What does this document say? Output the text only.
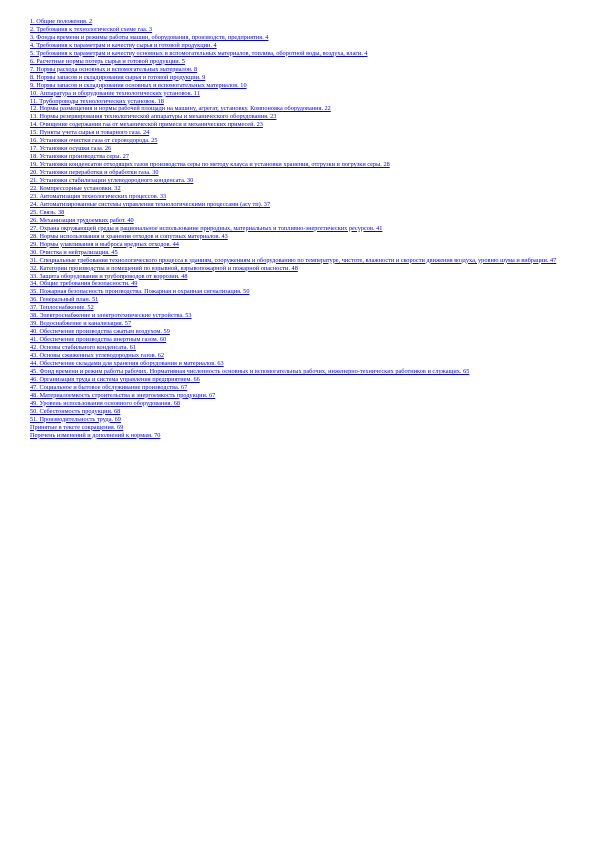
1. Общие положения. 2
2. Требования к технологической схеме гаа. 3
3. Фонды времени и режимы работы машин, оборудования, производств, предприятия. 4
4. Требования к параметрам и качеству сырья и готовой продукции. 4
5. Требования к параметрам и качеству основных и вспомогательных материалов, топлива, оборотной воды, воздуха, влаги. 4
6. Расчетные нормы потерь сырья и готовой продукции. 5
7. Нормы расхода основных и вспомогательных материалов. 8
8. Нормы запасов и складирования сырья и готовой продукции. 9
9. Нормы запасов и складирования основных и вспомогательных материалов. 10
10. Аппаратура и оборудование технологических установок. 11
11. Трубопроводы технологических установок. 18
12. Нормы размещения и нормы рабочей площади на машину, агрегат, установку. Компоновка оборудования. 22
13. Нормы резервирования технологической аппаратуры и механического оборудования. 23
14. Очищение содержания гаа от механической примеси и механических примесей. 23
15. Пункты учета сырья и товарного газа. 24
16. Установки очистки газа от сероводорода. 25
17. Установки осушки газа. 26
18. Установки производства серы. 27
19. Установки конденсатов отходящих газов производства серы по методу клауса и установки хранения, отгрузки и погрузки серы. 28
20. Установки переработки и обработки газа. 30
21. Установки стабилизации углеводородного конденсата. 30
22. Компрессорные установки. 32
23. Автоматизация технологических процессов. 33
24. Автоматизированные системы управления технологическими процессами (асу тп). 37
25. Связь. 38
26. Механизация трудоемких работ. 40
27. Охрана окружающей среды и рациональное использование природных, материальных и топливно-энергетических ресурсов. 41
28. Нормы использования и хранения отходов и сопутных материалов. 43
29. Нормы улавливания и выброса вредных отходов. 44
30. Очистка и нейтрализация. 45
31. Специальные требования технологического процесса к зданиям, сооружениям и оборудованию по температуре, чистоте, влажности и скорости движения воздуха, уровню шума и вибрации. 47
32. Категории производства и помещений по взрывной, взрывопожарной и пожарной опасности. 48
33. Защита оборудования и трубопроводов от коррозии. 48
34. Общие требования безопасности. 49
35. Пожарная безопасность производства. Пожарная и охранная сигнализация. 50
36. Генеральный план. 51
37. Теплоснабжение. 52
38. Электроснабжение и электротехнические устройства. 53
39. Водоснабжение и канализация. 57
40. Обеспечение производства сжатым воздухом. 59
41. Обеспечение производства инертным газом. 60
42. Основы стабильного конденсата. 61
43. Основы сжиженных углеводородных газов. 62
44. Обеспечение складами для хранения оборудования и материалов. 63
45. Фонд времени и режим работы рабочих. Нормативная численность основных и вспомогательных рабочих, инженерно-технических работников и служащих. 65
46. Организация труда и система управления предприятием. 66
47. Социальное и бытовое обслуживание производства. 67
48. Материалоемкость строительства и энергоемкость продукции. 67
49. Уровень использования основного оборудования. 68
50. Себестоимость продукции. 68
51. Производительность труда. 69
Принятые в тексте сокращения. 69
Перечень изменений и дополнений к нормам. 70
